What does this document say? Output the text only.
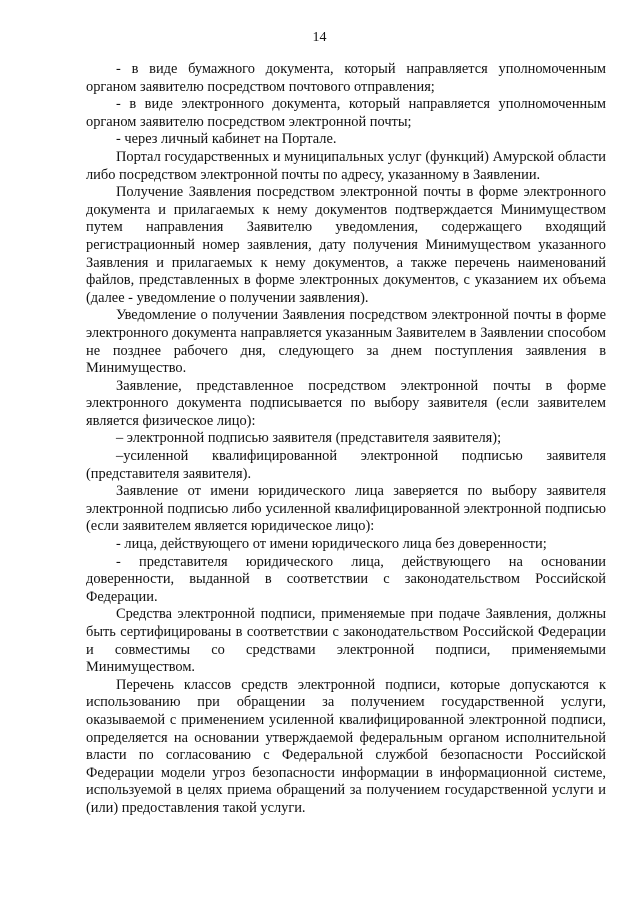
14

- в виде бумажного документа, который направляется уполномоченным органом заявителю посредством почтового отправления;

- в виде электронного документа, который направляется уполномоченным органом заявителю посредством электронной почты;

- через личный кабинет на Портале.

Портал государственных и муниципальных услуг (функций) Амурской области либо посредством электронной почты по адресу, указанному в Заявлении.

Получение Заявления посредством электронной почты в форме электронного документа и прилагаемых к нему документов подтверждается Минимуществом путем направления Заявителю уведомления, содержащего входящий регистрационный номер заявления, дату получения Минимуществом указанного Заявления и прилагаемых к нему документов, а также перечень наименований файлов, представленных в форме электронных документов, с указанием их объема (далее - уведомление о получении заявления).

Уведомление о получении Заявления посредством электронной почты в форме электронного документа направляется указанным Заявителем в Заявлении способом не позднее рабочего дня, следующего за днем поступления заявления в Минимущество.

Заявление, представленное посредством электронной почты в форме электронного документа подписывается по выбору заявителя (если заявителем является физическое лицо):

– электронной подписью заявителя (представителя заявителя);

–усиленной квалифицированной электронной подписью заявителя (представителя заявителя).

Заявление от имени юридического лица заверяется по выбору заявителя электронной подписью либо усиленной квалифицированной электронной подписью (если заявителем является юридическое лицо):

- лица, действующего от имени юридического лица без доверенности;

- представителя юридического лица, действующего на основании доверенности, выданной в соответствии с законодательством Российской Федерации.

Средства электронной подписи, применяемые при подаче Заявления, должны быть сертифицированы в соответствии с законодательством Российской Федерации и совместимы со средствами электронной подписи, применяемыми Минимуществом.

Перечень классов средств электронной подписи, которые допускаются к использованию при обращении за получением государственной услуги, оказываемой с применением усиленной квалифицированной электронной подписи, определяется на основании утверждаемой федеральным органом исполнительной власти по согласованию с Федеральной службой безопасности Российской Федерации модели угроз безопасности информации в информационной системе, используемой в целях приема обращений за получением государственной услуги и (или) предоставления такой услуги.
